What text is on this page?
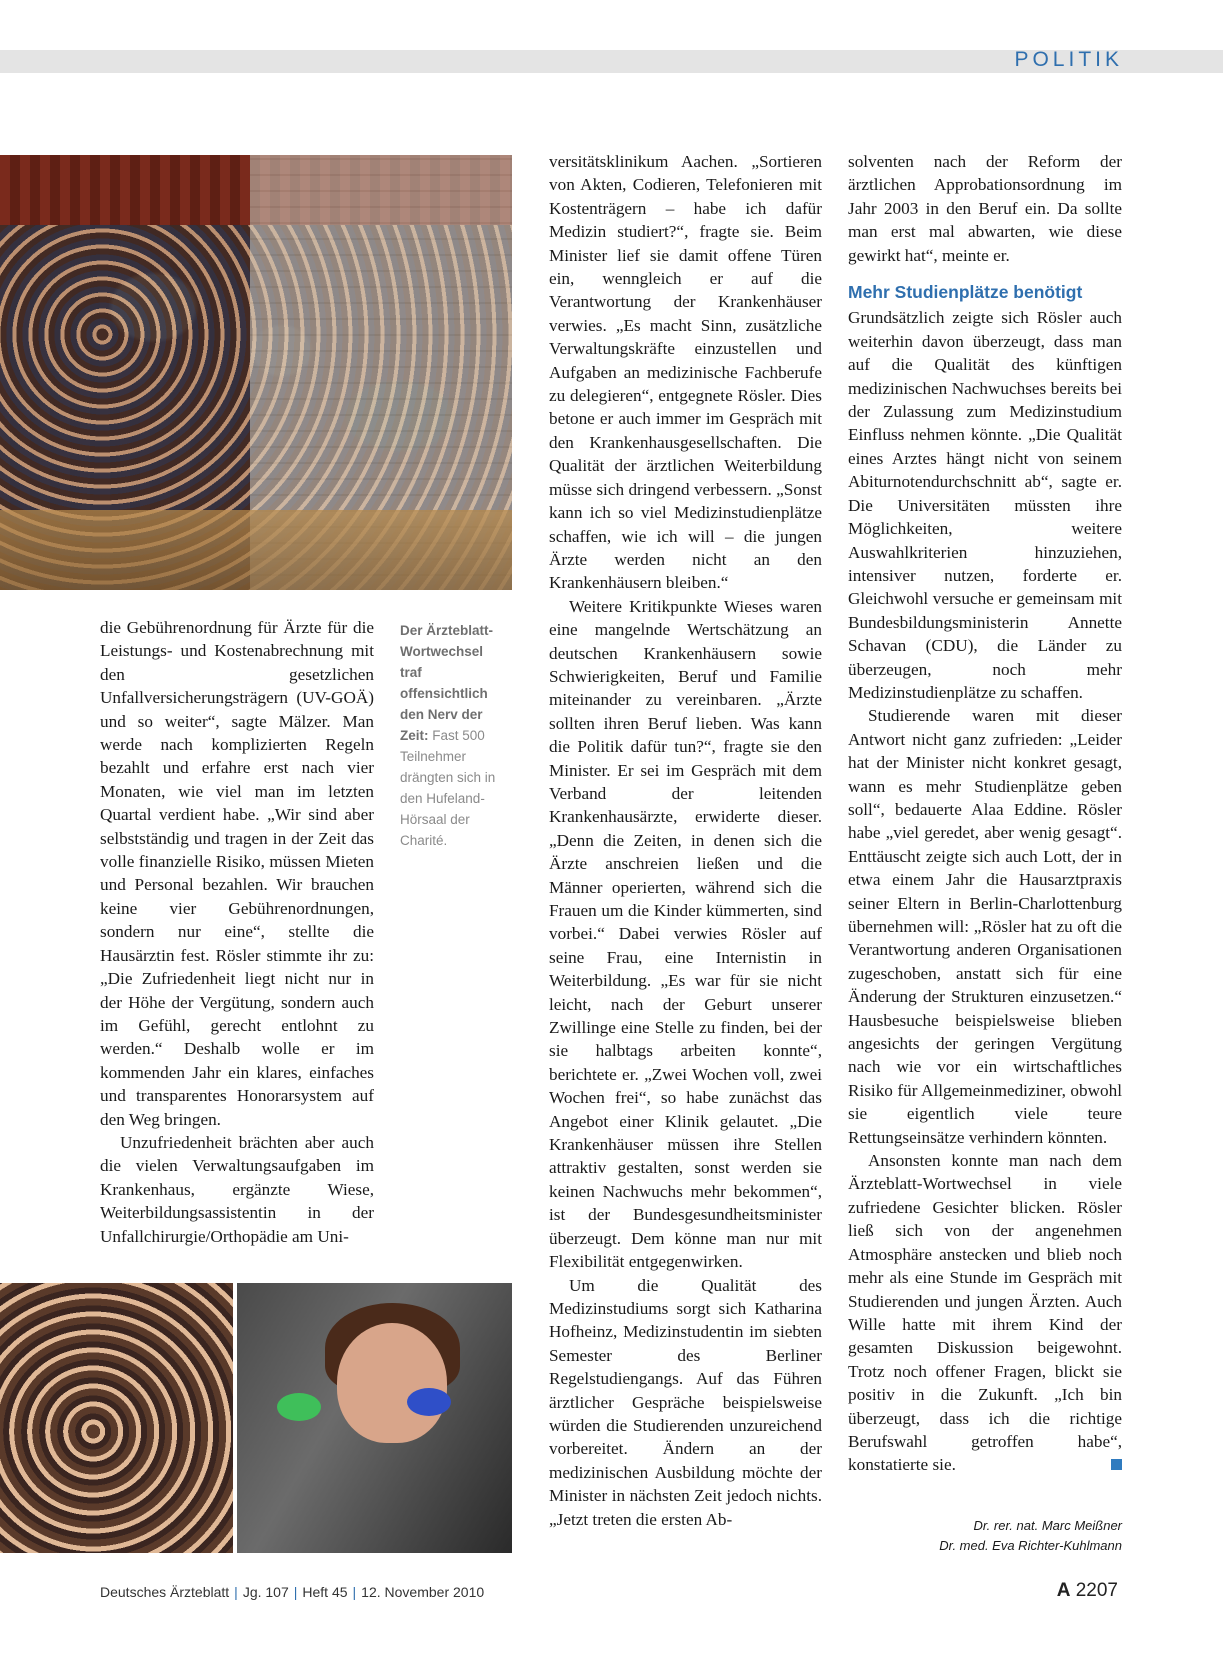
POLITIK
Der Ärzteblatt-Wortwechsel traf offensichtlich den Nerv der Zeit: Fast 500 Teilnehmer drängten sich in den Hufeland-Hörsaal der Charité.

die Gebührenordnung für Ärzte für die Leistungs- und Kostenabrechnung mit den gesetzlichen Unfallversicherungsträgern (UV-GOÄ) und so weiter“, sagte Mälzer. Man werde nach komplizierten Regeln bezahlt und erfahre erst nach vier Monaten, wie viel man im letzten Quartal verdient habe. „Wir sind aber selbstständig und tragen in der Zeit das volle finanzielle Risiko, müssen Mieten und Personal bezahlen. Wir brauchen keine vier Gebührenordnungen, sondern nur eine“, stellte die Hausärztin fest. Rösler stimmte ihr zu: „Die Zufriedenheit liegt nicht nur in der Höhe der Vergütung, sondern auch im Gefühl, gerecht entlohnt zu werden.“ Deshalb wolle er im kommenden Jahr ein klares, einfaches und transparentes Honorarsystem auf den Weg bringen.

Unzufriedenheit brächten aber auch die vielen Verwaltungsaufgaben im Krankenhaus, ergänzte Wiese, Weiterbildungsassistentin in der Unfallchirurgie/Orthopädie am Uni-

versitätsklinikum Aachen. „Sortieren von Akten, Codieren, Telefonieren mit Kostenträgern – habe ich dafür Medizin studiert?“, fragte sie. Beim Minister lief sie damit offene Türen ein, wenngleich er auf die Verantwortung der Krankenhäuser verwies. „Es macht Sinn, zusätzliche Verwaltungskräfte einzustellen und Aufgaben an medizinische Fachberufe zu delegieren“, entgegnete Rösler. Dies betone er auch immer im Gespräch mit den Krankenhausgesellschaften. Die Qualität der ärztlichen Weiterbildung müsse sich dringend verbessern. „Sonst kann ich so viel Medizinstudienplätze schaffen, wie ich will – die jungen Ärzte werden nicht an den Krankenhäusern bleiben.“

Weitere Kritikpunkte Wieses waren eine mangelnde Wertschätzung an deutschen Krankenhäusern sowie Schwierigkeiten, Beruf und Familie miteinander zu vereinbaren. „Ärzte sollten ihren Beruf lieben. Was kann die Politik dafür tun?“, fragte sie den Minister. Er sei im Gespräch mit dem Verband der leitenden Krankenhausärzte, erwiderte dieser. „Denn die Zeiten, in denen sich die Ärzte anschreien ließen und die Männer operierten, während sich die Frauen um die Kinder kümmerten, sind vorbei.“ Dabei verwies Rösler auf seine Frau, eine Internistin in Weiterbildung. „Es war für sie nicht leicht, nach der Geburt unserer Zwillinge eine Stelle zu finden, bei der sie halbtags arbeiten konnte“, berichtete er. „Zwei Wochen voll, zwei Wochen frei“, so habe zunächst das Angebot einer Klinik gelautet. „Die Krankenhäuser müssen ihre Stellen attraktiv gestalten, sonst werden sie keinen Nachwuchs mehr bekommen“, ist der Bundesgesundheitsminister überzeugt. Dem könne man nur mit Flexibilität entgegenwirken.

Um die Qualität des Medizinstudiums sorgt sich Katharina Hofheinz, Medizinstudentin im siebten Semester des Berliner Regelstudiengangs. Auf das Führen ärztlicher Gespräche beispielsweise würden die Studierenden unzureichend vorbereitet. Ändern an der medizinischen Ausbildung möchte der Minister in nächsten Zeit jedoch nichts. „Jetzt treten die ersten Ab-

solventen nach der Reform der ärztlichen Approbationsordnung im Jahr 2003 in den Beruf ein. Da sollte man erst mal abwarten, wie diese gewirkt hat“, meinte er.

Mehr Studienplätze benötigt

Grundsätzlich zeigte sich Rösler auch weiterhin davon überzeugt, dass man auf die Qualität des künftigen medizinischen Nachwuchses bereits bei der Zulassung zum Medizinstudium Einfluss nehmen könnte. „Die Qualität eines Arztes hängt nicht von seinem Abiturnotendurchschnitt ab“, sagte er. Die Universitäten müssten ihre Möglichkeiten, weitere Auswahlkriterien hinzuziehen, intensiver nutzen, forderte er. Gleichwohl versuche er gemeinsam mit Bundesbildungsministerin Annette Schavan (CDU), die Länder zu überzeugen, noch mehr Medizinstudienplätze zu schaffen.

Studierende waren mit dieser Antwort nicht ganz zufrieden: „Leider hat der Minister nicht konkret gesagt, wann es mehr Studienplätze geben soll“, bedauerte Alaa Eddine. Rösler habe „viel geredet, aber wenig gesagt“. Enttäuscht zeigte sich auch Lott, der in etwa einem Jahr die Hausarztpraxis seiner Eltern in Berlin-Charlottenburg übernehmen will: „Rösler hat zu oft die Verantwortung anderen Organisationen zugeschoben, anstatt sich für eine Änderung der Strukturen einzusetzen.“ Hausbesuche beispielsweise blieben angesichts der geringen Vergütung nach wie vor ein wirtschaftliches Risiko für Allgemeinmediziner, obwohl sie eigentlich viele teure Rettungseinsätze verhindern könnten.

Ansonsten konnte man nach dem Ärzteblatt-Wortwechsel in viele zufriedene Gesichter blicken. Rösler ließ sich von der angenehmen Atmosphäre anstecken und blieb noch mehr als eine Stunde im Gespräch mit Studierenden und jungen Ärzten. Auch Wille hatte mit ihrem Kind der gesamten Diskussion beigewohnt. Trotz noch offener Fragen, blickt sie positiv in die Zukunft. „Ich bin überzeugt, dass ich die richtige Berufswahl getroffen habe“, konstatierte sie.

Dr. rer. nat. Marc Meißner
Dr. med. Eva Richter-Kuhlmann
Deutsches Ärzteblatt | Jg. 107 | Heft 45 | 12. November 2010	A 2207
